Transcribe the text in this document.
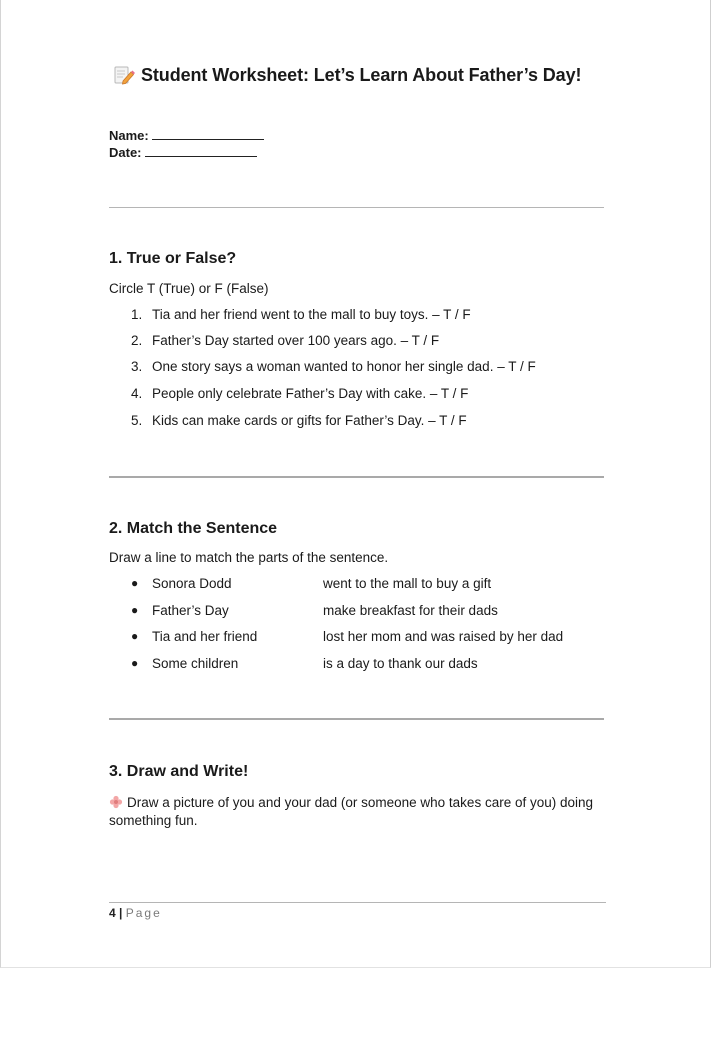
Student Worksheet: Let’s Learn About Father’s Day!
Name:
Date:
1. True or False?
Circle T (True) or F (False)
1. Tia and her friend went to the mall to buy toys. – T / F
2. Father’s Day started over 100 years ago. – T / F
3. One story says a woman wanted to honor her single dad. – T / F
4. People only celebrate Father’s Day with cake. – T / F
5. Kids can make cards or gifts for Father’s Day. – T / F
2. Match the Sentence
Draw a line to match the parts of the sentence.
●	Sonora Dodd	went to the mall to buy a gift
●	Father’s Day	make breakfast for their dads
●	Tia and her friend	lost her mom and was raised by her dad
●	Some children	is a day to thank our dads
3. Draw and Write!
Draw a picture of you and your dad (or someone who takes care of you) doing something fun.
4 | Page
